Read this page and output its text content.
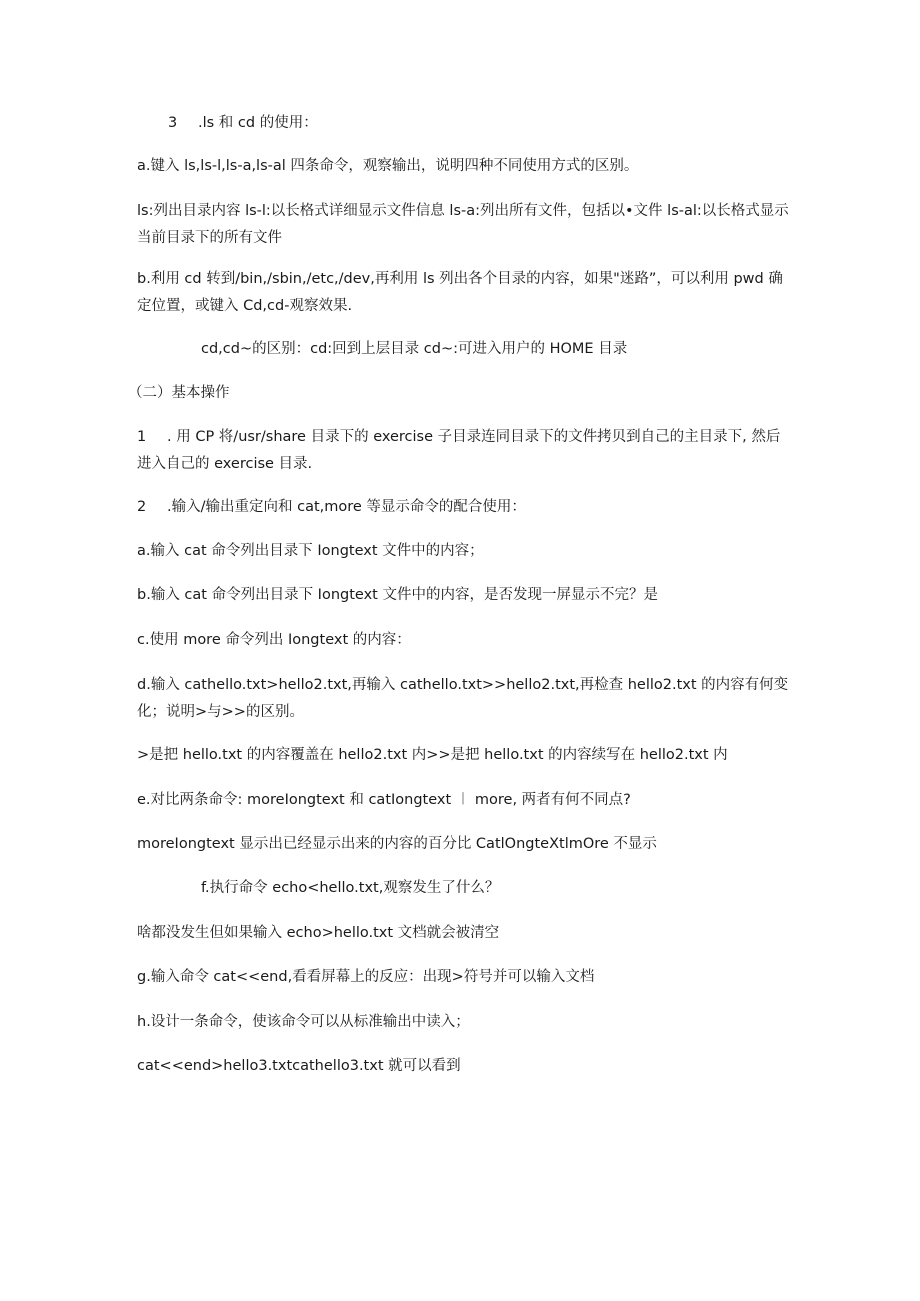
3 .ls 和 cd 的使用：

a.键入 ls,ls-l,ls-a,ls-al 四条命令，观察输出，说明四种不同使用方式的区别。

ls:列出目录内容 ls-l:以长格式详细显示文件信息 ls-a:列出所有文件，包括以•文件 ls-al:以长格式显示当前目录下的所有文件

b.利用 cd 转到/bin,/sbin,/etc,/dev,再利用 ls 列出各个目录的内容，如果"迷路”，可以利用 pwd 确定位置，或键入 Cd,cd-观察效果.

cd,cd~的区别：cd:回到上层目录 cd~:可进入用户的 HOME 目录

（二）基本操作

1 . 用 CP 将/usr/share 目录下的 exercise 子目录连同目录下的文件拷贝到自己的主目录下, 然后进入自己的 exercise 目录.

2 .输入/输出重定向和 cat,more 等显示命令的配合使用：

a.输入 cat 命令列出目录下 Iongtext 文件中的内容；

b.输入 cat 命令列出目录下 Iongtext 文件中的内容，是否发现一屏显示不完？是

c.使用 more 命令列出 Iongtext 的内容：

d.输入 cathello.txt>hello2.txt,再输入 cathello.txt>>hello2.txt,再检查 hello2.txt 的内容有何变化；说明>与>>的区别。

>是把 hello.txt 的内容覆盖在 hello2.txt 内>>是把 hello.txt 的内容续写在 hello2.txt 内

e.对比两条命令: moreIongtext 和 catIongtext ︱ more, 两者有何不同点?

moreIongtext 显示出已经显示出来的内容的百分比 CatlOngteXtlmOre 不显示

f.执行命令 echo<hello.txt,观察发生了什么？

啥都没发生但如果输入 echo>hello.txt 文档就会被清空

g.输入命令 cat<<end,看看屏幕上的反应：出现>符号并可以输入文档

h.设计一条命令，使该命令可以从标准输出中读入；

cat<<end>hello3.txtcathello3.txt 就可以看到
